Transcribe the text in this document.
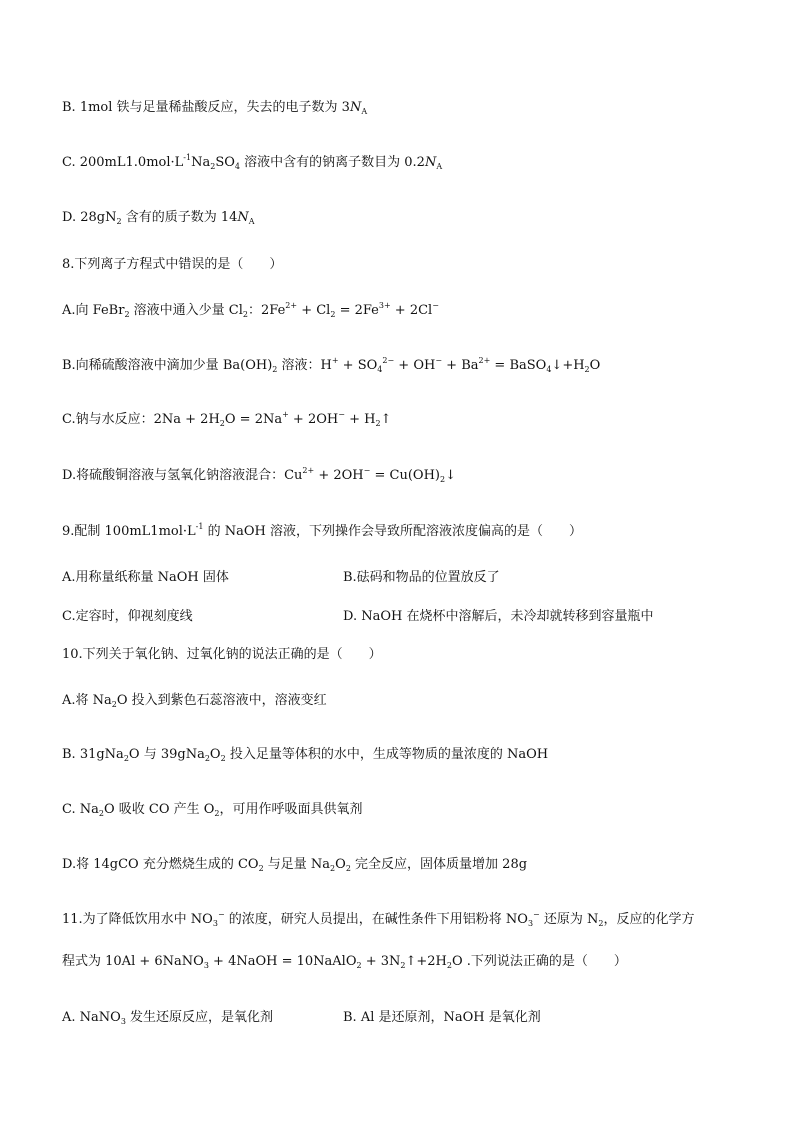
B. 1mol 铁与足量稀盐酸反应，失去的电子数为 $3N_A$
C. $200mL1.0mol\cdot L^{-1}Na_2SO_4$ 溶液中含有的钠离子数目为 $0.2N_A$
D. $28gN_2$ 含有的质子数为 $14N_A$
8.下列离子方程式中错误的是（　　）
A.向 FeBr$_2$ 溶液中通入少量 $Cl_2$：$2Fe^{2+} + Cl_2 = 2Fe^{3+} + 2Cl^-$
B.向稀硫酸溶液中滴加少量 $Ba(OH)_2$ 溶液：$H^+ + SO_4^{2-} + OH^- + Ba^{2+}$ = $BaSO_4↓+H_2O$
C.钠与水反应：$2Na + 2H_2O = 2Na^+ + 2OH^-$ + $H_2↑$
D.将硫酸铜溶液与氢氧化钠溶液混合：$Cu^{2+} + 2OH^-$ = $Cu(OH)_2↓$
9.配制 $100mL1mol\cdot L^{-1}$ 的 NaOH 溶液，下列操作会导致所配溶液浓度偏高的是（　　）
A.用称量纸称量 NaOH 固体	B.砝码和物品的位置放反了
C.定容时，仰视刻度线	D. NaOH 在烧杯中溶解后，未冷却就转移到容量瓶中
10.下列关于氧化钠、过氧化钠的说法正确的是（　　）
A.将 $Na_2O$ 投入到紫色石蕊溶液中，溶液变红
B. 31gNa$_2$O 与 $39gNa_2O_2$ 投入足量等体积的水中，生成等物质的量浓度的 NaOH
C. $Na_2O$ 吸收 CO 产生 $O_2$，可用作呼吸面具供氧剂
D.将 14gCO 充分燃烧生成的 $CO_2$ 与足量 $Na_2O_2$ 完全反应，固体质量增加 28g
11.为了降低饮用水中 $NO_3^-$ 的浓度，研究人员提出，在碱性条件下用铝粉将 $NO_3^-$ 还原为 $N_2$，反应的化学方
程式为 10Al + 6NaNO$_3$ + 4NaOH = 10NaAlO$_2$ + $3N_2↑+2H_2O$ .下列说法正确的是（　　）
A. NaNO$_3$ 发生还原反应，是氧化剂	B. Al 是还原剂，NaOH 是氧化剂
